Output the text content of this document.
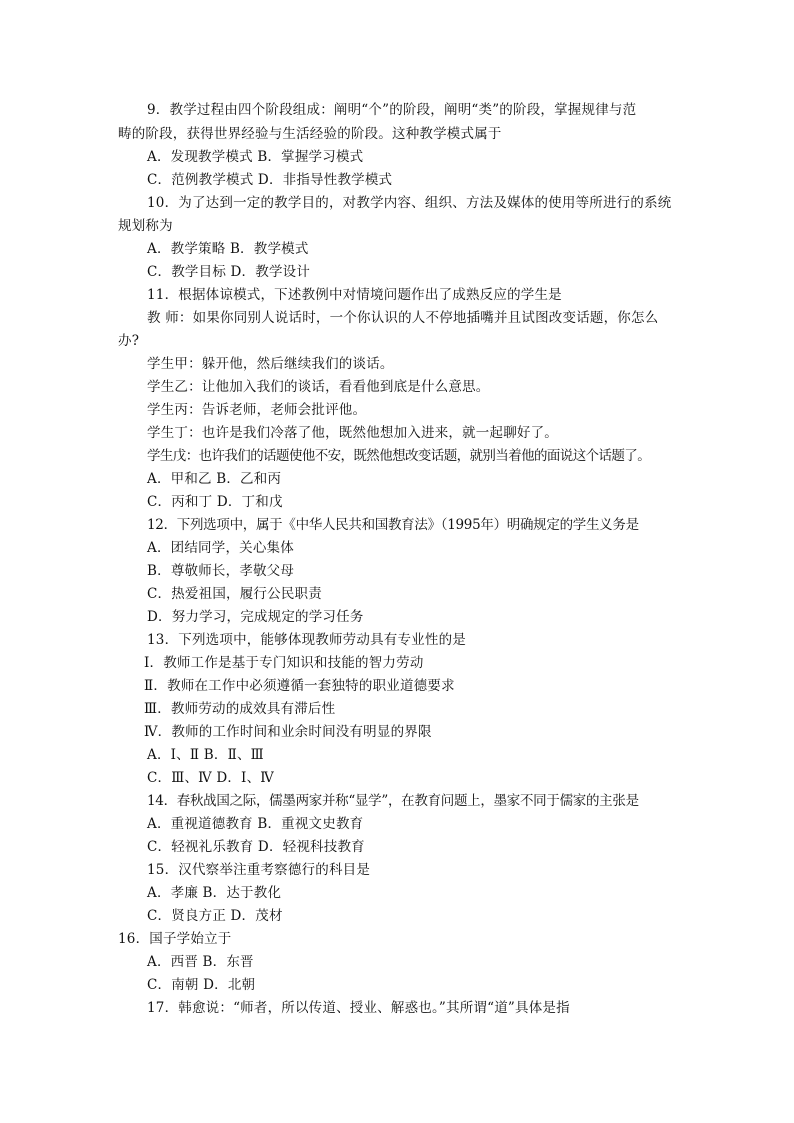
9．教学过程由四个阶段组成：阐明“个”的阶段，阐明“类”的阶段，掌握规律与范
畴的阶段，获得世界经验与生活经验的阶段。这种教学模式属于
A．发现教学模式 B．掌握学习模式
C．范例教学模式 D．非指导性教学模式
10．为了达到一定的教学目的，对教学内容、组织、方法及媒体的使用等所进行的系统
规划称为
A．教学策略 B．教学模式
C．教学目标 D．教学设计
11．根据体谅模式，下述教例中对情境问题作出了成熟反应的学生是
教 师：如果你同别人说话时，一个你认识的人不停地插嘴并且试图改变话题，你怎么
办?
学生甲：躲开他，然后继续我们的谈话。
学生乙：让他加入我们的谈话，看看他到底是什么意思。
学生丙：告诉老师，老师会批评他。
学生丁：也许是我们冷落了他，既然他想加入进来，就一起聊好了。
学生戊：也许我们的话题使他不安，既然他想改变话题，就别当着他的面说这个话题了。
A．甲和乙 B．乙和丙
C．丙和丁 D．丁和戊
12．下列选项中，属于《中华人民共和国教育法》（1995年）明确规定的学生义务是
A．团结同学，关心集体
B．尊敬师长，孝敬父母
C．热爱祖国，履行公民职责
D．努力学习，完成规定的学习任务
13．下列选项中，能够体现教师劳动具有专业性的是
Ⅰ．教师工作是基于专门知识和技能的智力劳动
Ⅱ．教师在工作中必须遵循一套独特的职业道德要求
Ⅲ．教师劳动的成效具有滞后性
Ⅳ．教师的工作时间和业余时间没有明显的界限
A．Ⅰ、Ⅱ B．Ⅱ、Ⅲ
C．Ⅲ、Ⅳ D．Ⅰ、Ⅳ
14．春秋战国之际，儒墨两家并称“显学”，在教育问题上，墨家不同于儒家的主张是
A．重视道德教育 B．重视文史教育
C．轻视礼乐教育 D．轻视科技教育
15．汉代察举注重考察德行的科目是
A．孝廉 B．达于教化
C．贤良方正 D．茂材
16．国子学始立于
A．西晋 B．东晋
C．南朝 D．北朝
17．韩愈说：“师者，所以传道、授业、解惑也。”其所谓“道”具体是指
